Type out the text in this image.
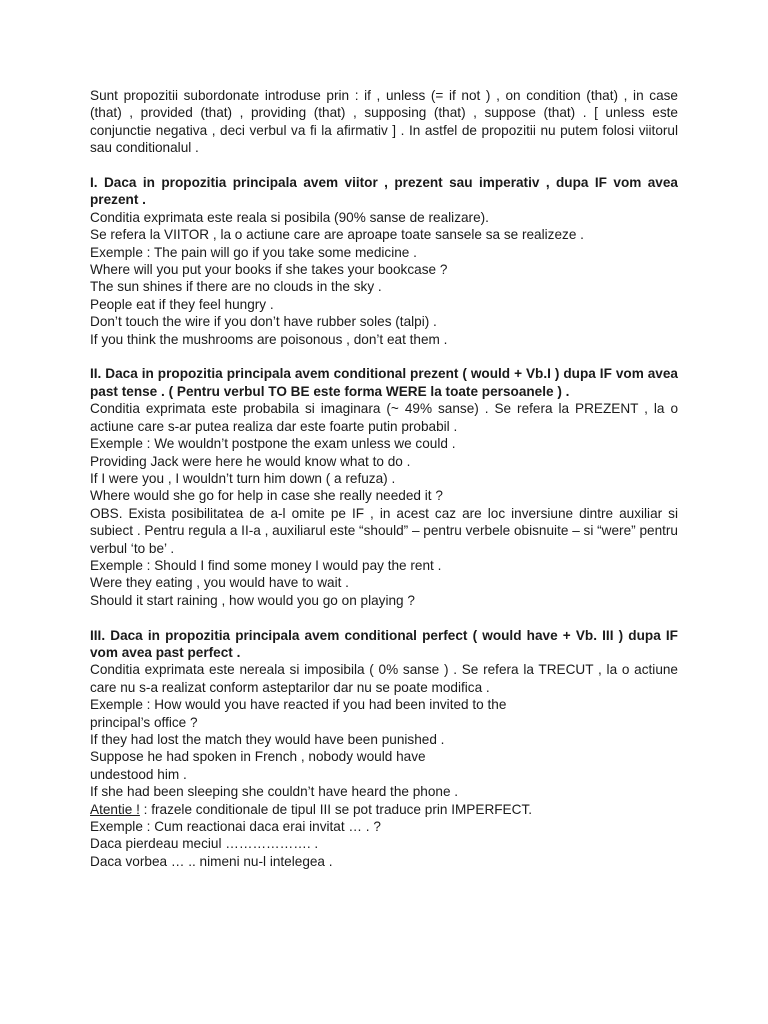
Sunt propozitii subordonate introduse prin : if , unless (= if not ) , on condition (that) , in case (that) , provided (that) , providing (that) , supposing (that) , suppose (that) . [ unless este conjunctie negativa , deci verbul va fi la afirmativ ] . In astfel de propozitii nu putem folosi viitorul sau conditionalul .

I. Daca in propozitia principala avem viitor , prezent sau imperativ , dupa IF vom avea prezent .

Conditia exprimata este reala si posibila (90% sanse de realizare).

Se refera la VIITOR , la o actiune care are aproape toate sansele sa se realizeze .

Exemple : The pain will go if you take some medicine .

Where will you put your books if she takes your bookcase ?

The sun shines if there are no clouds in the sky .

People eat if they feel hungry .

Don’t touch the wire if you don’t have rubber soles (talpi) .

If you think the mushrooms are poisonous , don’t eat them .

II. Daca in propozitia principala avem conditional prezent ( would + Vb.I ) dupa IF vom avea past tense . ( Pentru verbul TO BE este forma WERE la toate persoanele ) .

Conditia exprimata este probabila si imaginara (~ 49% sanse) . Se refera la PREZENT , la o actiune care s-ar putea realiza dar este foarte putin probabil .

Exemple : We wouldn’t postpone the exam unless we could .

Providing Jack were here he would know what to do .

If I were you , I wouldn’t turn him down ( a refuza) .

Where would she go for help in case she really needed it ?

OBS. Exista posibilitatea de a-l omite pe IF , in acest caz are loc inversiune dintre auxiliar si subiect . Pentru regula a II-a , auxiliarul este “should” – pentru verbele obisnuite – si “were” pentru verbul ‘to be’ .

Exemple : Should I find some money I would pay the rent .

Were they eating , you would have to wait .

Should it start raining , how would you go on playing ?

III. Daca in propozitia principala avem conditional perfect ( would have + Vb. III ) dupa IF vom avea past perfect .

Conditia exprimata este nereala si imposibila ( 0% sanse ) . Se refera la TRECUT , la o actiune care nu s-a realizat conform asteptarilor dar nu se poate modifica .

Exemple : How would you have reacted if you had been invited to the

principal’s office ?

If they had lost the match they would have been punished .

Suppose he had spoken in French , nobody would have

undestood him .

If she had been sleeping she couldn’t have heard the phone .

Atentie ! : frazele conditionale de tipul III se pot traduce prin IMPERFECT.

Exemple : Cum reactionai daca erai invitat … . ?

Daca pierdeau meciul ………………. .

Daca vorbea … .. nimeni nu-l intelegea .
